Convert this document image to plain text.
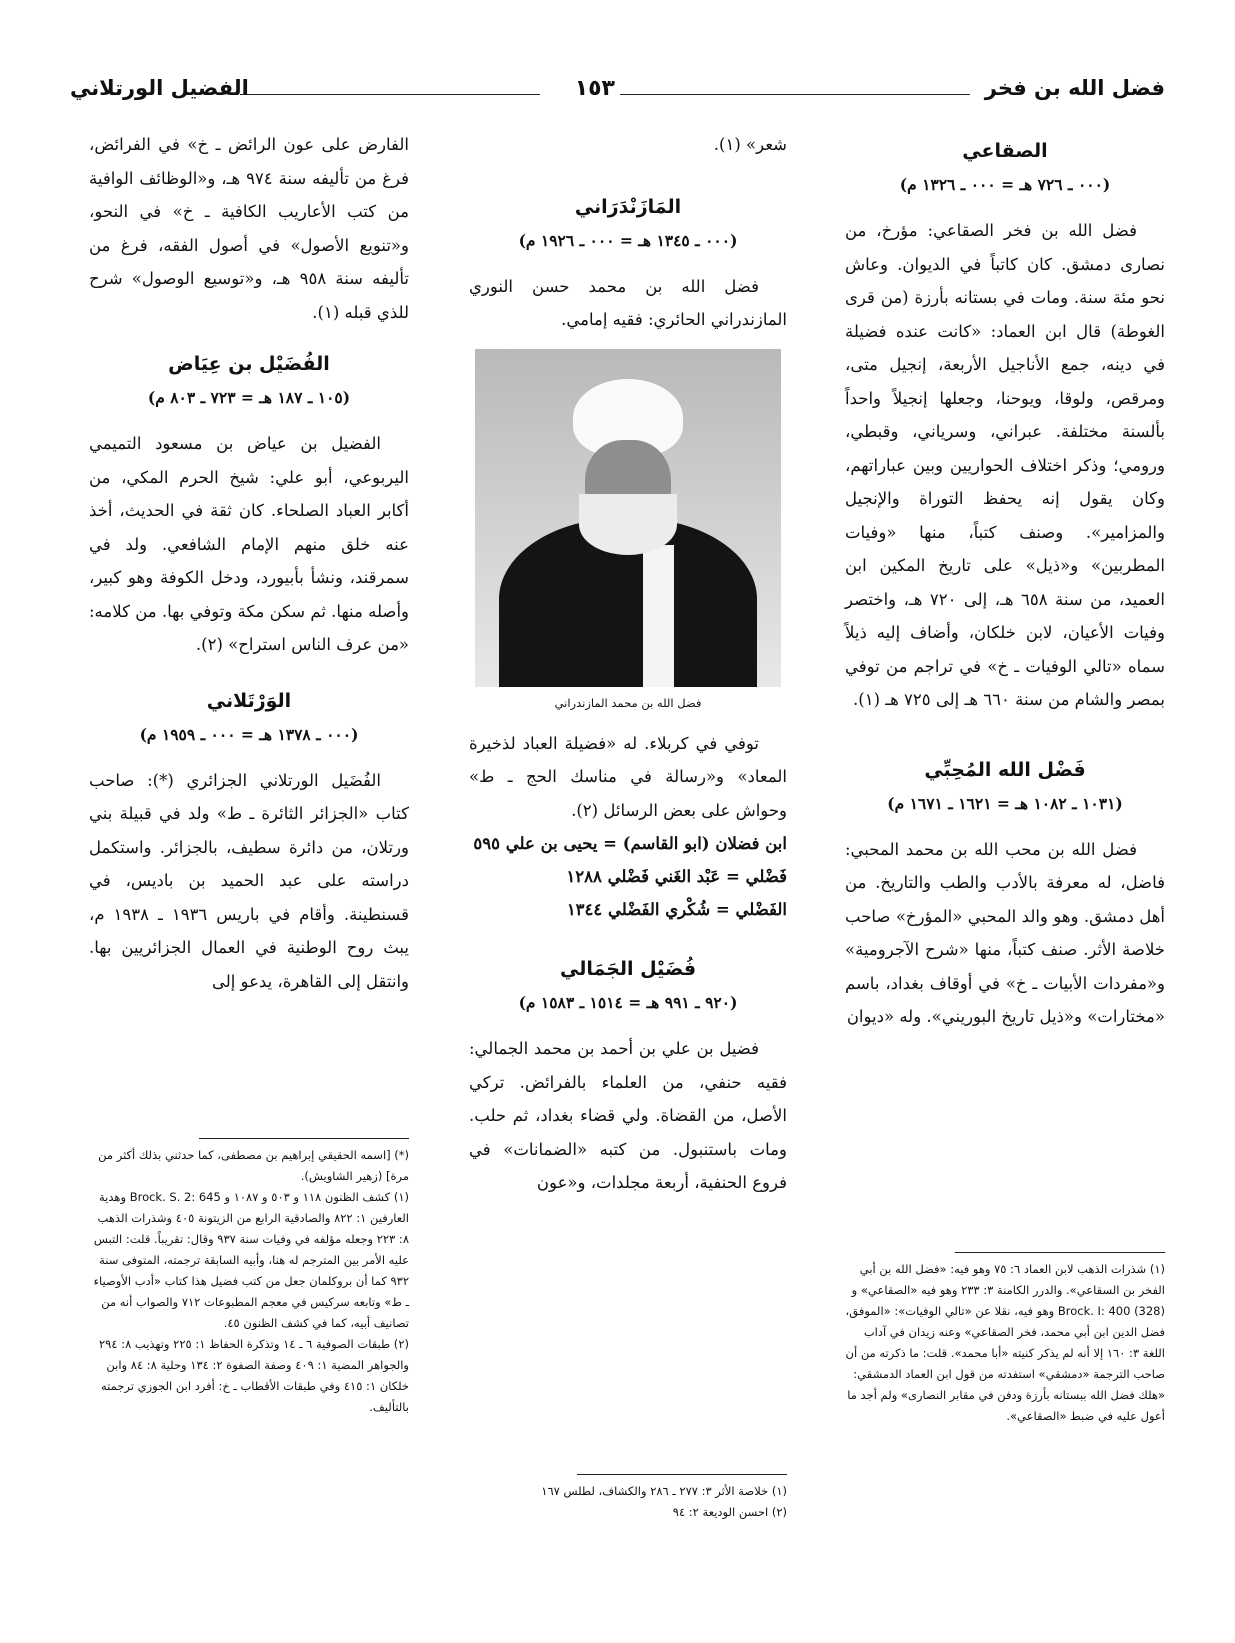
فضل الله بن فخر
١٥٣
الفضيل الورتلاني
الصقاعي
(٠٠٠ ـ ٧٢٦ هـ = ٠٠٠ ـ ١٣٢٦ م)

فضل الله بن فخر الصقاعي: مؤرخ، من نصارى دمشق. كان كاتباً في الديوان. وعاش نحو مئة سنة. ومات في بستانه بأرزة (من قرى الغوطة) قال ابن العماد: «كانت عنده فضيلة في دينه، جمع الأناجيل الأربعة، إنجيل متى، ومرقص، ولوقا، ويوحنا، وجعلها إنجيلاً واحداً بألسنة مختلفة. عبراني، وسرياني، وقبطي، ورومي؛ وذكر اختلاف الحواريين وبين عباراتهم، وكان يقول إنه يحفظ التوراة والإنجيل والمزامير». وصنف كتباً، منها «وفيات المطربين» و«ذيل» على تاريخ المكين ابن العميد، من سنة ٦٥٨ هـ، إلى ٧٢٠ هـ، واختصر وفيات الأعيان، لابن خلكان، وأضاف إليه ذيلاً سماه «تالي الوفيات ـ خ» في تراجم من توفي بمصر والشام من سنة ٦٦٠ هـ إلى ٧٢٥ هـ (١).

فَضْل الله المُحِبِّي
(١٠٣١ ـ ١٠٨٢ هـ = ١٦٢١ ـ ١٦٧١ م)

فضل الله بن محب الله بن محمد المحبي: فاضل، له معرفة بالأدب والطب والتاريخ. من أهل دمشق. وهو والد المحبي «المؤرخ» صاحب خلاصة الأثر. صنف كتباً، منها «شرح الآجرومية» و«مفردات الأبيات ـ خ» في أوقاف بغداد، باسم «مختارات» و«ذيل تاريخ البوريني». وله «ديوان

(١) شذرات الذهب لابن العماد ٦: ٧٥ وهو فيه: «فضل الله بن أبي الفخر بن السقاعي». والدرر الكامنة ٣: ٢٣٣ وهو فيه «الصقاعي» و Brock. I: 400 (328) وهو فيه، نقلا عن «تالي الوفيات»: «الموفق، فضل الدين ابن أبي محمد، فخر الصقاعي» وعنه زيدان في آداب اللغة ٣: ١٦٠ إلا أنه لم يذكر كنيته «أبا محمد». قلت: ما ذكرته من أن صاحب الترجمة «دمشقي» استفدته من قول ابن العماد الدمشقي: «هلك فضل الله ببستانه بأرزة ودفن في مقابر النصارى» ولم أجد ما أعول عليه في ضبط «الصقاعي».

شعر» (١).

المَازَنْدَرَاني
(٠٠٠ ـ ١٣٤٥ هـ = ٠٠٠ ـ ١٩٢٦ م)

فضل الله بن محمد حسن النوري المازندراني الحائري: فقيه إمامي.

فضل الله بن محمد المازندراني

توفي في كربلاء. له «فضيلة العباد لذخيرة المعاد» و«رسالة في مناسك الحج ـ ط» وحواش على بعض الرسائل (٢).

ابن فضلان (ابو القاسم) = يحيى بن علي ٥٩٥

فَضْلي = عَبْد الغَني فَضْلي ١٢٨٨

الفَضْلي = شُكْري الفَضْلي ١٣٤٤

فُضَيْل الجَمَالي
(٩٢٠ ـ ٩٩١ هـ = ١٥١٤ ـ ١٥٨٣ م)

فضيل بن علي بن أحمد بن محمد الجمالي: فقيه حنفي، من العلماء بالفرائض. تركي الأصل، من القضاة. ولي قضاء بغداد، ثم حلب. ومات باستنبول. من كتبه «الضمانات» في فروع الحنفية، أربعة مجلدات، و«عون

(١) خلاصة الأثر ٣: ٢٧٧ ـ ٢٨٦ والكشاف، لطلس ١٦٧

(٢) احسن الوديعة ٢: ٩٤

الفارض على عون الرائض ـ خ» في الفرائض، فرغ من تأليفه سنة ٩٧٤ هـ، و«الوظائف الوافية من كتب الأعاريب الكافية ـ خ» في النحو، و«تنويع الأصول» في أصول الفقه، فرغ من تأليفه سنة ٩٥٨ هـ، و«توسيع الوصول» شرح للذي قبله (١).

الفُضَيْل بن عِيَاض
(١٠٥ ـ ١٨٧ هـ = ٧٢٣ ـ ٨٠٣ م)

الفضيل بن عياض بن مسعود التميمي اليربوعي، أبو علي: شيخ الحرم المكي، من أكابر العباد الصلحاء. كان ثقة في الحديث، أخذ عنه خلق منهم الإمام الشافعي. ولد في سمرقند، ونشأ بأبيورد، ودخل الكوفة وهو كبير، وأصله منها. ثم سكن مكة وتوفي بها. من كلامه: «من عرف الناس استراح» (٢).

الوَرْتَلاني
(٠٠٠ ـ ١٣٧٨ هـ = ٠٠٠ ـ ١٩٥٩ م)

الفُضَيل الورتلاني الجزائري (*): صاحب كتاب «الجزائر الثائرة ـ ط» ولد في قبيلة بني ورتلان، من دائرة سطيف، بالجزائر. واستكمل دراسته على عبد الحميد بن باديس، في قسنطينة. وأقام في باريس ١٩٣٦ ـ ١٩٣٨ م، يبث روح الوطنية في العمال الجزائريين بها. وانتقل إلى القاهرة، يدعو إلى

(*) [اسمه الحقيقي إبراهيم بن مصطفى، كما حدثني بذلك أكثر من مرة] (زهير الشاويش).

(١) كشف الظنون ١١٨ و ٥٠٣ و ١٠٨٧ و Brock. S. 2: 645 وهدية العارفين ١: ٨٢٢ والصادقية الرابع من الزيتونة ٤٠٥ وشذرات الذهب ٨: ٢٢٣ وجعله مؤلفه في وفيات سنة ٩٣٧ وقال: تقريباً. قلت: التبس عليه الأمر بين المترجم له هنا، وأبيه السابقة ترجمته، المتوفى سنة ٩٣٢ كما أن بروكلمان جعل من كتب فضيل هذا كتاب «أدب الأوصياء ـ ط» وتابعه سركيس في معجم المطبوعات ٧١٢ والصواب أنه من تصانيف أبيه، كما في كشف الظنون ٤٥.

(٢) طبقات الصوفية ٦ ـ ١٤ وتذكرة الحفاظ ١: ٢٢٥ وتهذيب ٨: ٢٩٤ والجواهر المضية ١: ٤٠٩ وصفة الصفوة ٢: ١٣٤ وحلية ٨: ٨٤ وابن خلكان ١: ٤١٥ وفي طبقات الأقطاب ـ خ: أفرد ابن الجوزي ترجمته بالتأليف.
